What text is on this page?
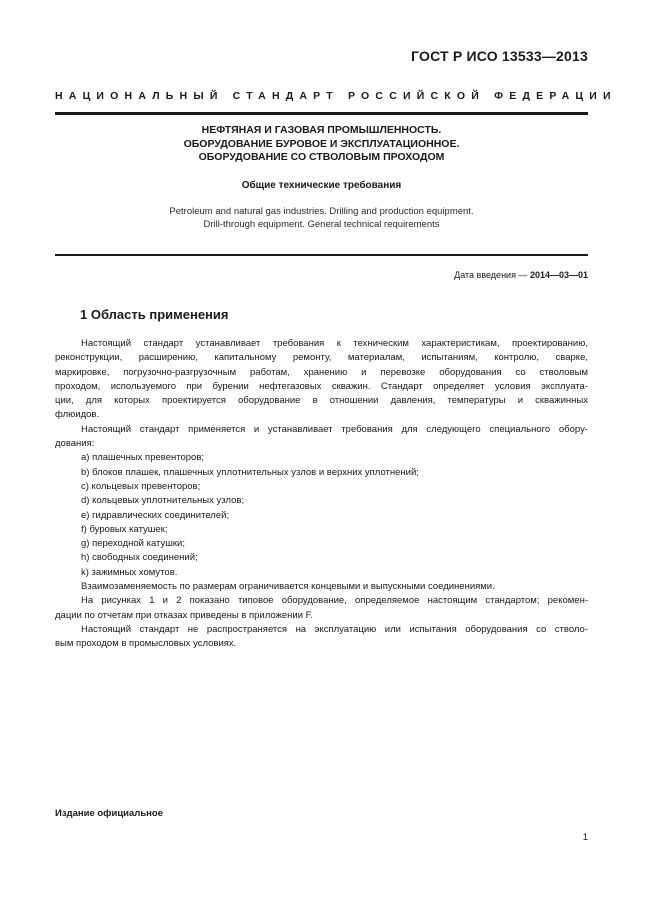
ГОСТ Р ИСО 13533—2013
НАЦИОНАЛЬНЫЙ СТАНДАРТ РОССИЙСКОЙ ФЕДЕРАЦИИ
НЕФТЯНАЯ И ГАЗОВАЯ ПРОМЫШЛЕННОСТЬ.
ОБОРУДОВАНИЕ БУРОВОЕ И ЭКСПЛУАТАЦИОННОЕ.
ОБОРУДОВАНИЕ СО СТВОЛОВЫМ ПРОХОДОМ
Общие технические требования
Petroleum and natural gas industries. Drilling and production equipment.
Drill-through equipment. General technical requirements
Дата введения — 2014—03—01
1 Область применения
Настоящий стандарт устанавливает требования к техническим характеристикам, проектированию,
реконструкции, расширению, капитальному ремонту, материалам, испытаниям, контролю, сварке,
маркировке, погрузочно-разгрузочным работам, хранению и перевозке оборудования со стволовым
проходом, используемого при бурении нефтегазовых скважин. Стандарт определяет условия эксплуата-
ции, для которых проектируется оборудование в отношении давления, температуры и скважинных
флюидов.
Настоящий стандарт применяется и устанавливает требования для следующего специального обору-
дования:
a) плашечных превенторов;
b) блоков плашек, плашечных уплотнительных узлов и верхних уплотнений;
c) кольцевых превенторов;
d) кольцевых уплотнительных узлов;
e) гидравлических соединителей;
f) буровых катушек;
g) переходной катушки;
h) свободных соединений;
k) зажимных хомутов.
Взаимозаменяемость по размерам ограничивается концевыми и выпускными соединениями.
На рисунках 1 и 2 показано типовое оборудование, определяемое настоящим стандартом; рекомен-
дации по отчетам при отказах приведены в приложении F.
Настоящий стандарт не распространяется на эксплуатацию или испытания оборудования со стволо-
вым проходом в промысловых условиях.
Издание официальное
1
